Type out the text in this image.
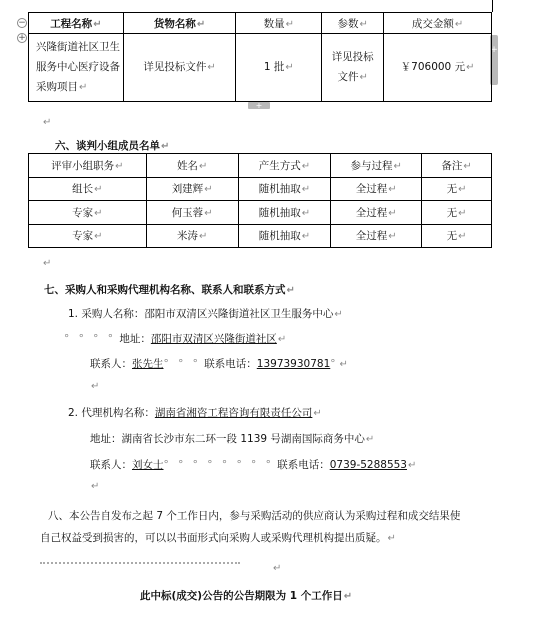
−
+
+
+
工程名称↵	货物名称↵	数量↵	参数↵	成交金额↵
兴隆街道社区卫生服务中心医疗设备采购项目↵	详见投标文件↵	1 批↵	详见投标文件↵	￥706000 元↵
↵
六、谈判小组成员名单↵
评审小组职务↵	姓名↵	产生方式↵	参与过程↵	备注↵
组长↵	刘建辉↵	随机抽取↵	全过程↵	无↵
专家↵	何玉蓉↵	随机抽取↵	全过程↵	无↵
专家↵	米涛↵	随机抽取↵	全过程↵	无↵
↵
七、采购人和采购代理机构名称、联系人和联系方式↵
1. 采购人名称：邵阳市双清区兴隆街道社区卫生服务中心↵
° ° ° ° 地址：邵阳市双清区兴隆街道社区↵
联系人：张先生° ° ° 联系电话：13973930781°↵
↵
2. 代理机构名称：湖南省湘咨工程咨询有限责任公司↵
地址：湖南省长沙市东二环一段 1139 号湖南国际商务中心↵
联系人：刘女士° ° ° ° ° ° ° ° 联系电话：0739-5288553↵
↵
八、本公告自发布之起 7 个工作日内，参与采购活动的供应商认为采购过程和成交结果使
自己权益受到损害的，可以以书面形式向采购人或采购代理机构提出质疑。↵
↵
此中标(成交)公告的公告期限为 1 个工作日↵
